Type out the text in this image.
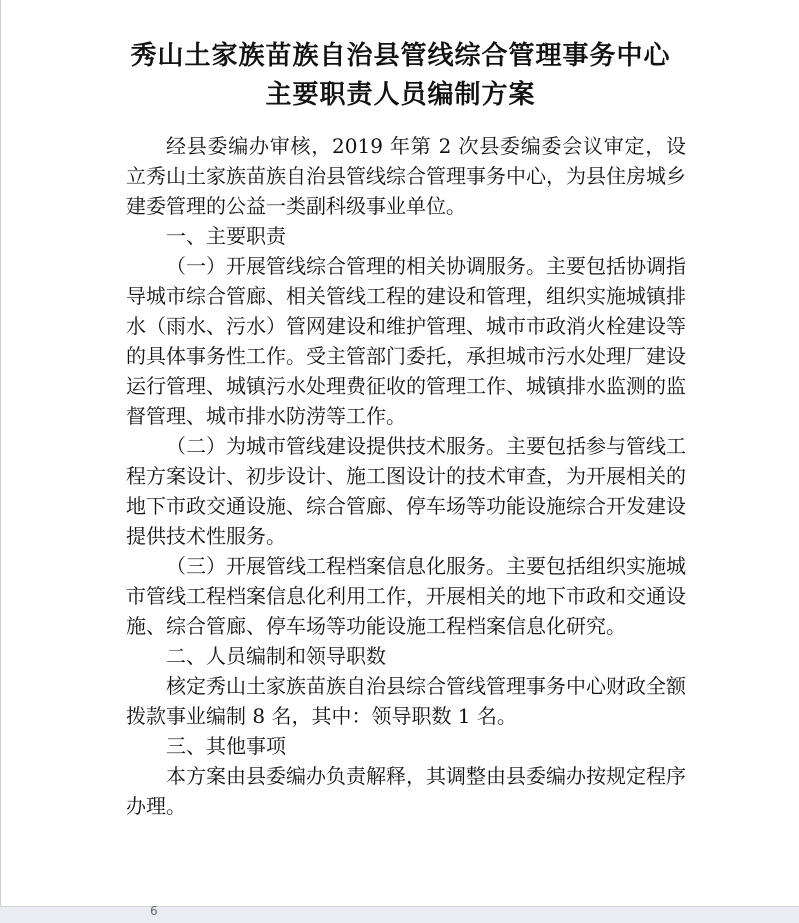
秀山土家族苗族自治县管线综合管理事务中心
主要职责人员编制方案

经县委编办审核，2019 年第 2 次县委编委会议审定，设立秀山土家族苗族自治县管线综合管理事务中心，为县住房城乡建委管理的公益一类副科级事业单位。

一、主要职责

（一）开展管线综合管理的相关协调服务。主要包括协调指导城市综合管廊、相关管线工程的建设和管理，组织实施城镇排水（雨水、污水）管网建设和维护管理、城市市政消火栓建设等的具体事务性工作。受主管部门委托，承担城市污水处理厂建设运行管理、城镇污水处理费征收的管理工作、城镇排水监测的监督管理、城市排水防涝等工作。

（二）为城市管线建设提供技术服务。主要包括参与管线工程方案设计、初步设计、施工图设计的技术审查，为开展相关的地下市政交通设施、综合管廊、停车场等功能设施综合开发建设提供技术性服务。

（三）开展管线工程档案信息化服务。主要包括组织实施城市管线工程档案信息化利用工作，开展相关的地下市政和交通设施、综合管廊、停车场等功能设施工程档案信息化研究。

二、人员编制和领导职数

核定秀山土家族苗族自治县综合管线管理事务中心财政全额拨款事业编制 8 名，其中：领导职数 1 名。

三、其他事项

本方案由县委编办负责解释，其调整由县委编办按规定程序办理。

6
